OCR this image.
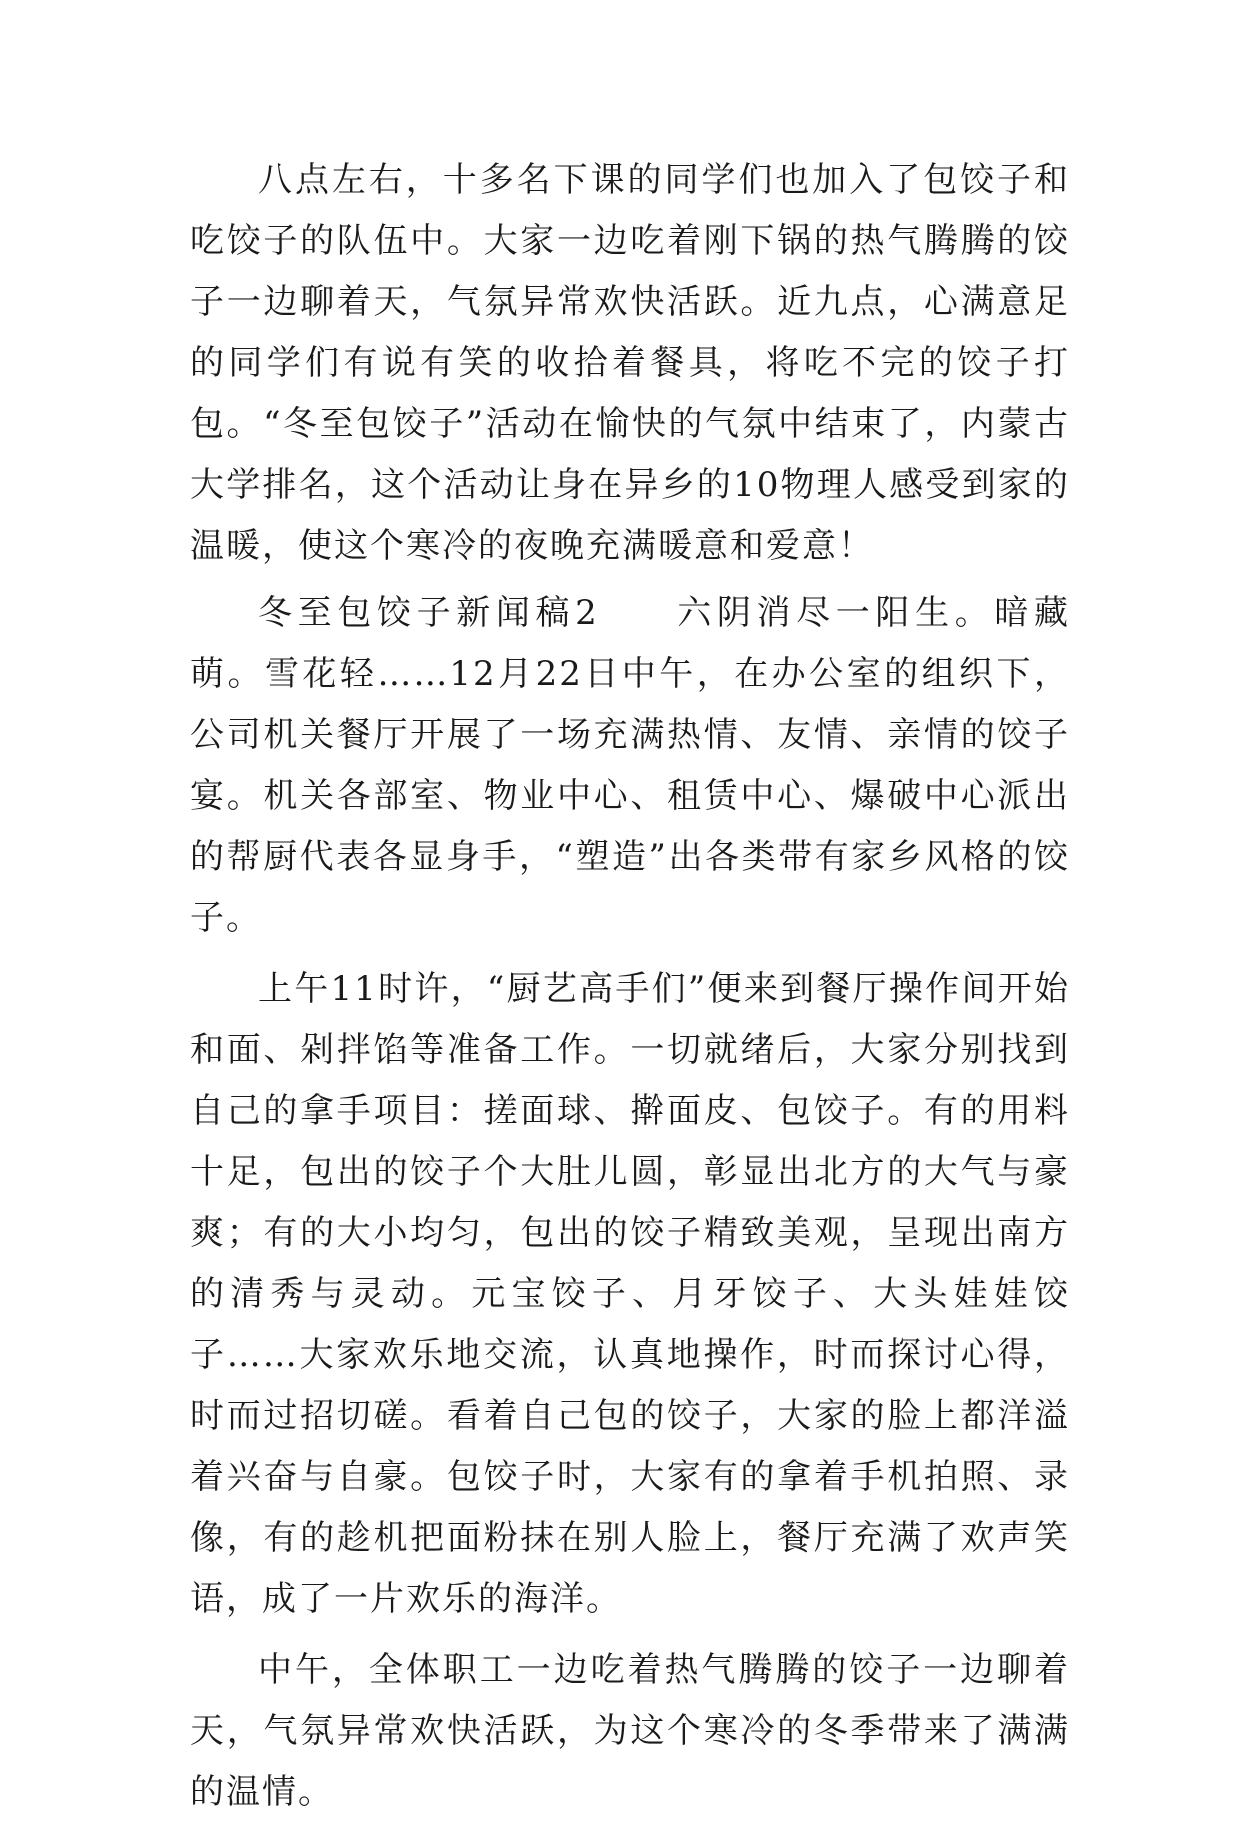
八点左右，十多名下课的同学们也加入了包饺子和吃饺子的队伍中。大家一边吃着刚下锅的热气腾腾的饺子一边聊着天，气氛异常欢快活跃。近九点，心满意足的同学们有说有笑的收拾着餐具，将吃不完的饺子打包。“冬至包饺子”活动在愉快的气氛中结束了，内蒙古大学排名，这个活动让身在异乡的10物理人感受到家的温暖，使这个寒冷的夜晚充满暖意和爱意！

冬至包饺子新闻稿2 六阴消尽一阳生。暗藏萌。雪花轻……12月22日中午，在办公室的组织下，公司机关餐厅开展了一场充满热情、友情、亲情的饺子宴。机关各部室、物业中心、租赁中心、爆破中心派出的帮厨代表各显身手，“塑造”出各类带有家乡风格的饺子。

上午11时许，“厨艺高手们”便来到餐厅操作间开始和面、剁拌馅等准备工作。一切就绪后，大家分别找到自己的拿手项目：搓面球、擀面皮、包饺子。有的用料十足，包出的饺子个大肚儿圆，彰显出北方的大气与豪爽；有的大小均匀，包出的饺子精致美观，呈现出南方的清秀与灵动。元宝饺子、月牙饺子、大头娃娃饺子……大家欢乐地交流，认真地操作，时而探讨心得，时而过招切磋。看着自己包的饺子，大家的脸上都洋溢着兴奋与自豪。包饺子时，大家有的拿着手机拍照、录像，有的趁机把面粉抹在别人脸上，餐厅充满了欢声笑语，成了一片欢乐的海洋。

中午，全体职工一边吃着热气腾腾的饺子一边聊着天，气氛异常欢快活跃，为这个寒冷的冬季带来了满满的温情。
